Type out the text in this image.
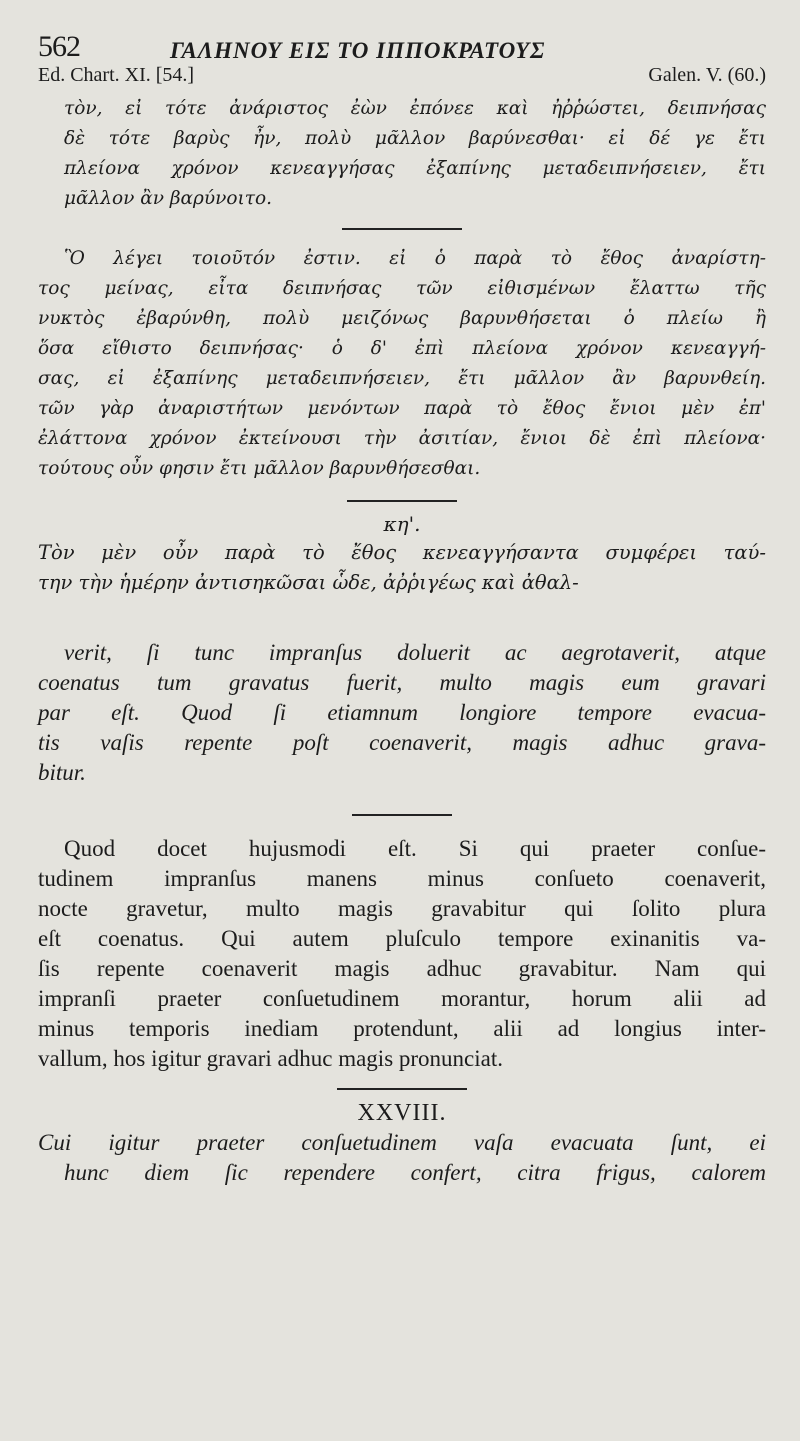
562	ΓΑΛΗΝΟΥ ΕΙΣ ΤΟ ΙΠΠΟΚΡΑΤΟΥΣ
Ed. Chart. XI. [54.]	Galen. V. (60.)
τὸν, εἰ τότε ἀνάριστος ἐὼν ἐπόνεε καὶ ἠῤῥώστει, δειπνήσας
δὲ τότε βαρὺς ἦν, πολὺ μᾶλλον βαρύνεσθαι· εἰ δέ γε ἔτι
πλείονα χρόνον κενεαγγήσας ἐξαπίνης μεταδειπνήσειεν, ἔτι
μᾶλλον ἂν βαρύνοιτο.
Ὃ λέγει τοιοῦτόν ἐστιν. εἰ ὁ παρὰ τὸ ἔθος ἀναρίστη-
τος μείνας, εἶτα δειπνήσας τῶν εἰθισμένων ἔλαττω τῆς
νυκτὸς ἐβαρύνθη, πολὺ μειζόνως βαρυνθήσεται ὁ πλείω ἢ
ὅσα εἴθιστο δειπνήσας· ὁ δ' ἐπὶ πλείονα χρόνον κενεαγγή-
σας, εἰ ἐξαπίνης μεταδειπνήσειεν, ἔτι μᾶλλον ἂν βαρυνθείη.
τῶν γὰρ ἀναριστήτων μενόντων παρὰ τὸ ἔθος ἔνιοι μὲν ἐπ'
ἐλάττονα χρόνον ἐκτείνουσι τὴν ἀσιτίαν, ἔνιοι δὲ ἐπὶ πλείονα·
τούτους οὖν φησιν ἔτι μᾶλλον βαρυνθήσεσθαι.
κη'.
Τὸν μὲν οὖν παρὰ τὸ ἔθος κενεαγγήσαντα συμφέρει ταύ-
την τὴν ἡμέρην ἀντισηκῶσαι ὧδε, ἀῤῥιγέως καὶ ἀθαλ-
verit, ſi tunc impranſus doluerit ac aegrotaverit, atque
coenatus tum gravatus fuerit, multo magis eum gravari
par eſt. Quod ſi etiamnum longiore tempore evacua-
tis vaſis repente poſt coenaverit, magis adhuc grava-
bitur.
Quod docet hujusmodi eſt. Si qui praeter conſue-
tudinem impranſus manens minus conſueto coenaverit,
nocte gravetur, multo magis gravabitur qui ſolito plura
eſt coenatus. Qui autem pluſculo tempore exinanitis va-
ſis repente coenaverit magis adhuc gravabitur. Nam qui
impranſi praeter conſuetudinem morantur, horum alii ad
minus temporis inediam protendunt, alii ad longius inter-
vallum, hos igitur gravari adhuc magis pronunciat.
XXVIII.
Cui igitur praeter conſuetudinem vaſa evacuata ſunt, ei
hunc diem ſic rependere confert, citra frigus, calorem
